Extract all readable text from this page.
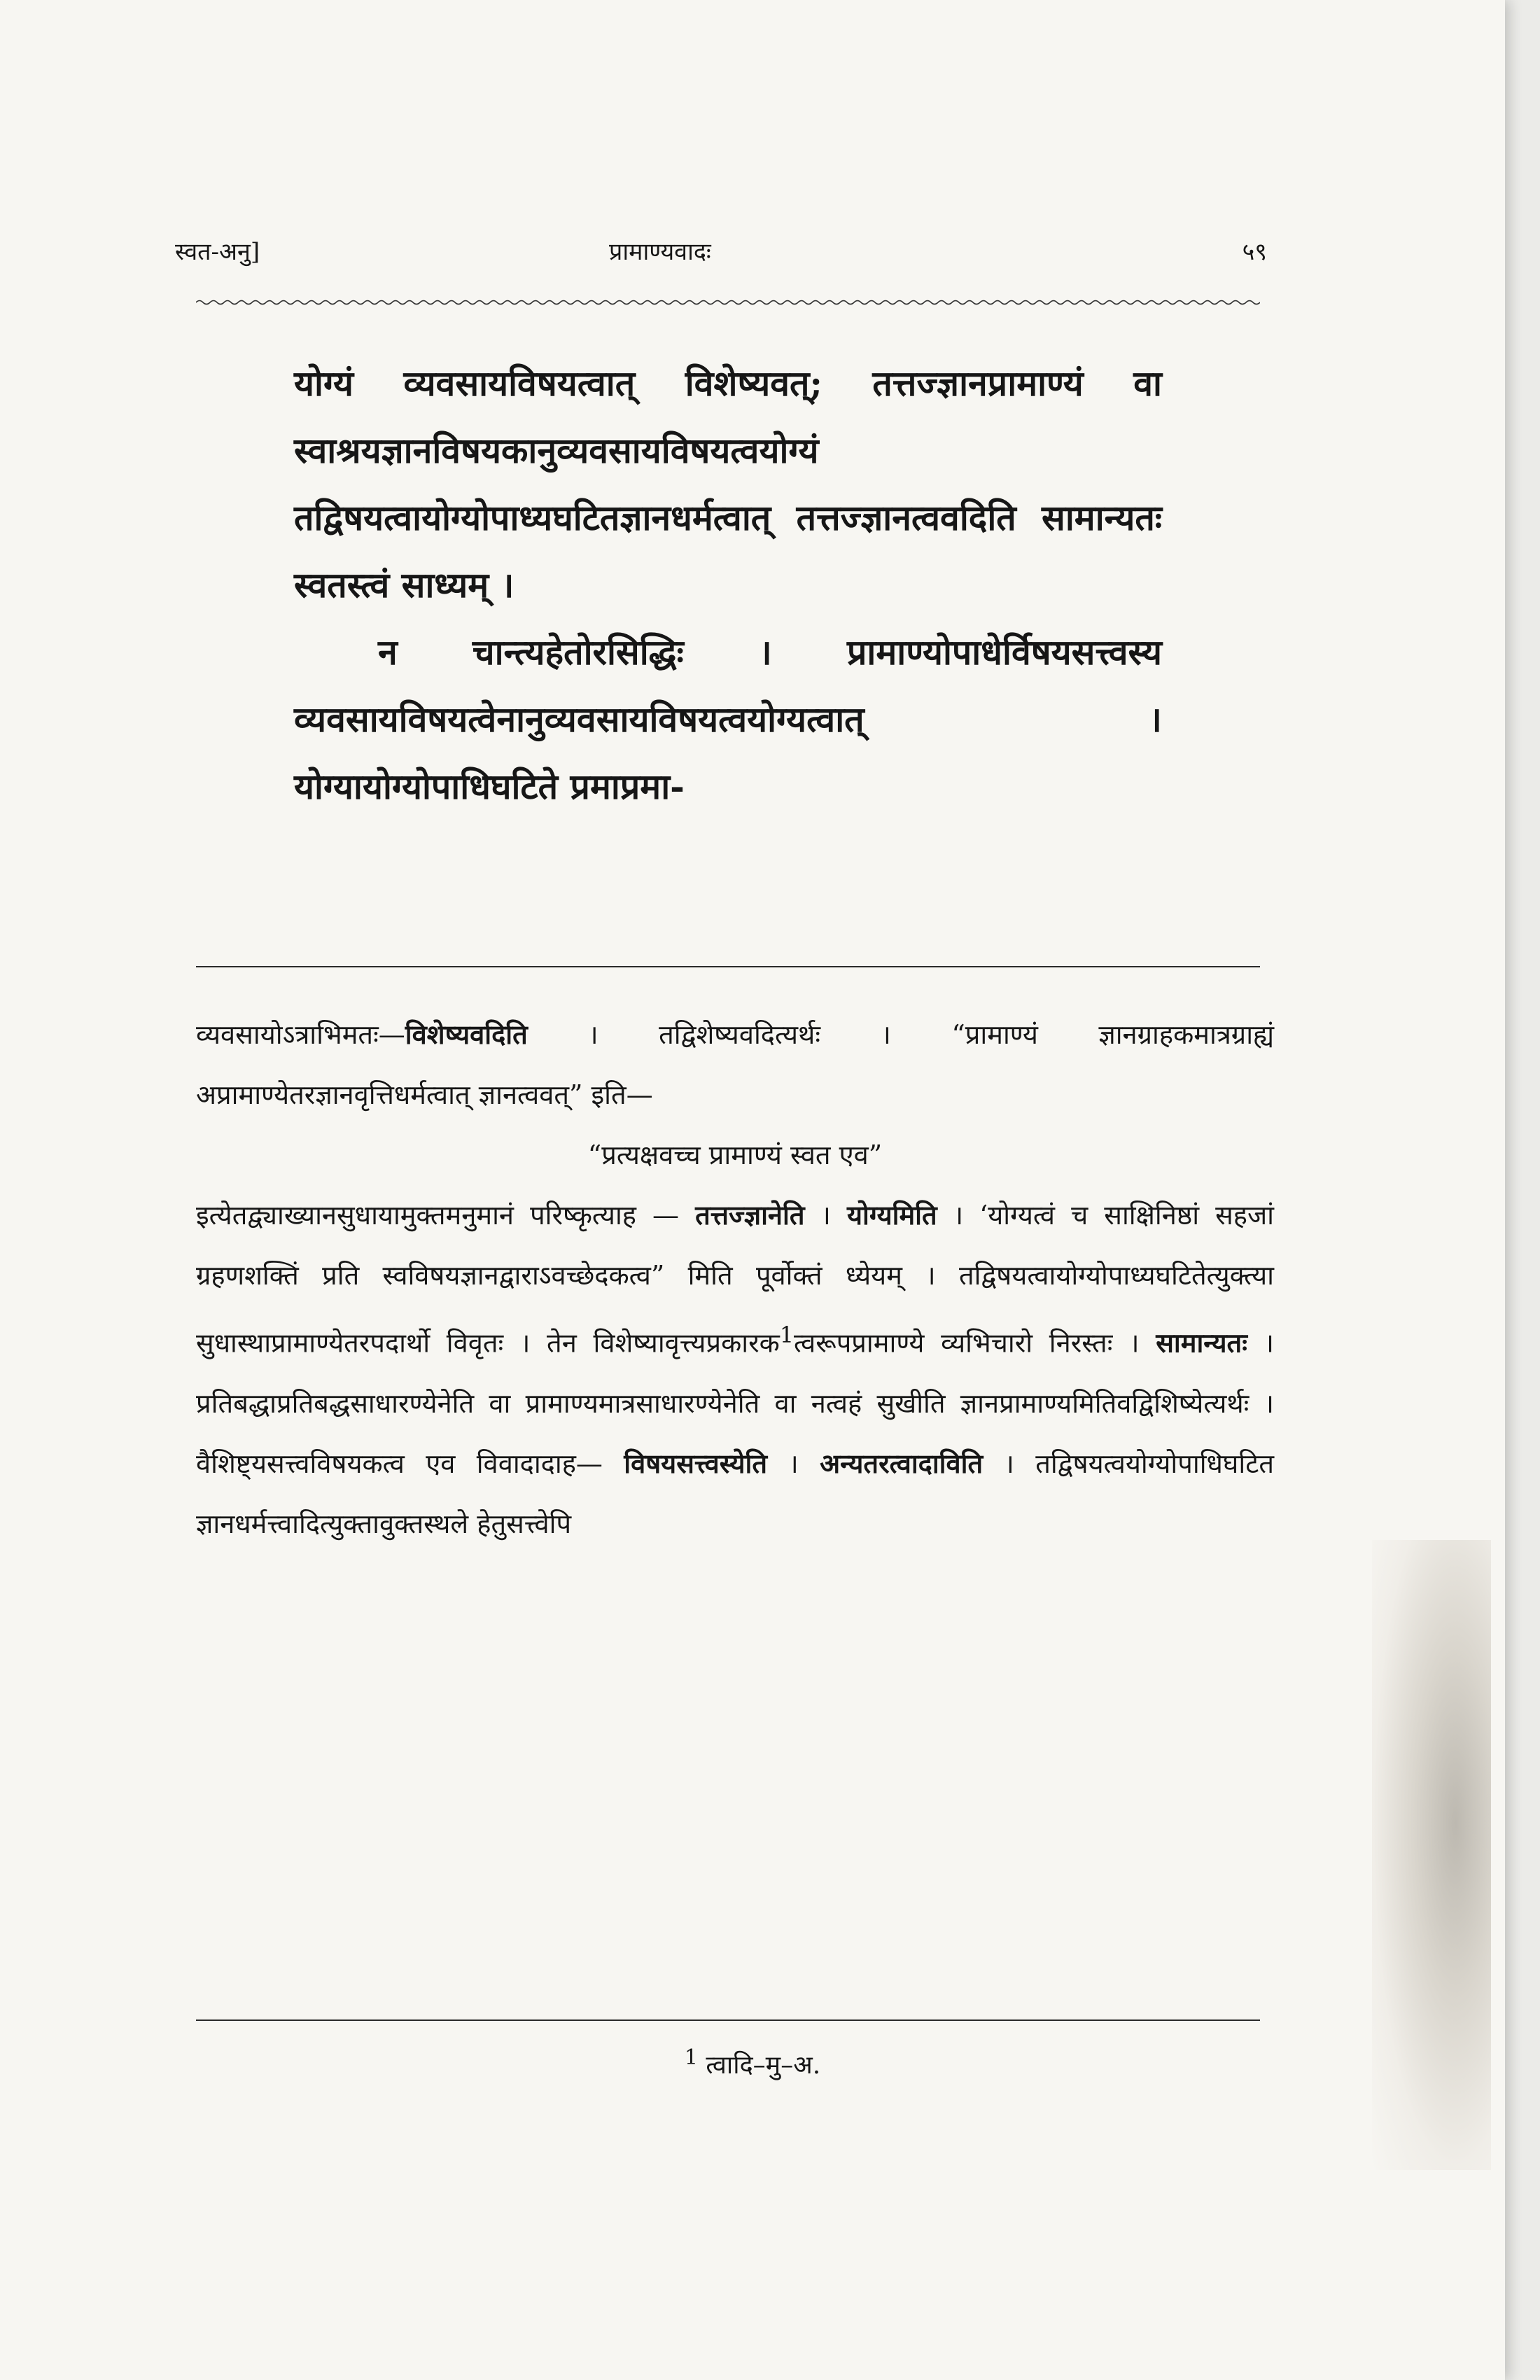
स्वत-अनु]	प्रामाण्यवादः	५९

योग्यं व्यवसायविषयत्वात् विशेष्यवत्; तत्तज्ज्ञानप्रामाण्यं वा स्वाश्रयज्ञानविषयकानुव्यवसायविषयत्वयोग्यं तद्विषयत्वायोग्योपाध्यघटितज्ञानधर्मत्वात् तत्तज्ज्ञानत्ववदिति सामान्यतः स्वतस्त्वं साध्यम् ।

न चान्त्यहेतोरसिद्धिः । प्रामाण्योपाधेर्विषयसत्त्वस्य व्यवसायविषयत्वेनानुव्यवसायविषयत्वयोग्यत्वात् । योग्यायोग्योपाधिघटिते प्रमाप्रमा-

व्यवसायोऽत्राभिमतः—विशेष्यवदिति । तद्विशेष्यवदित्यर्थः । “प्रामाण्यं ज्ञानग्राहकमात्रग्राह्यं अप्रामाण्येतरज्ञानवृत्तिधर्मत्वात् ज्ञानत्ववत्” इति—

“प्रत्यक्षवच्च प्रामाण्यं स्वत एव”

इत्येतद्व्याख्यानसुधायामुक्तमनुमानं परिष्कृत्याह — तत्तज्ज्ञानेति । योग्यमिति । ‘योग्यत्वं च साक्षिनिष्ठां सहजां ग्रहणशक्तिं प्रति स्वविषयज्ञानद्वाराऽवच्छेदकत्व” मिति पूर्वोक्तं ध्येयम् । तद्विषयत्वायोग्योपाध्यघटितेत्युक्त्या सुधास्थाप्रामाण्येतरपदार्थो विवृतः । तेन विशेष्यावृत्त्यप्रकारक$^1$त्वरूपप्रामाण्ये व्यभिचारो निरस्तः । सामान्यतः । प्रतिबद्धाप्रतिबद्धसाधारण्येनेति वा प्रामाण्यमात्रसाधारण्येनेति वा नत्वहं सुखीति ज्ञानप्रामाण्यमितिवद्विशिष्येत्यर्थः । वैशिष्ट्यसत्त्वविषयकत्व एव विवादादाह— विषयसत्त्वस्येति । अन्यतरत्वादाविति । तद्विषयत्वयोग्योपाधिघटित ज्ञानधर्मत्त्वादित्युक्तावुक्तस्थले हेतुसत्त्वेपि

$^1$ त्वादि–मु–अ.
